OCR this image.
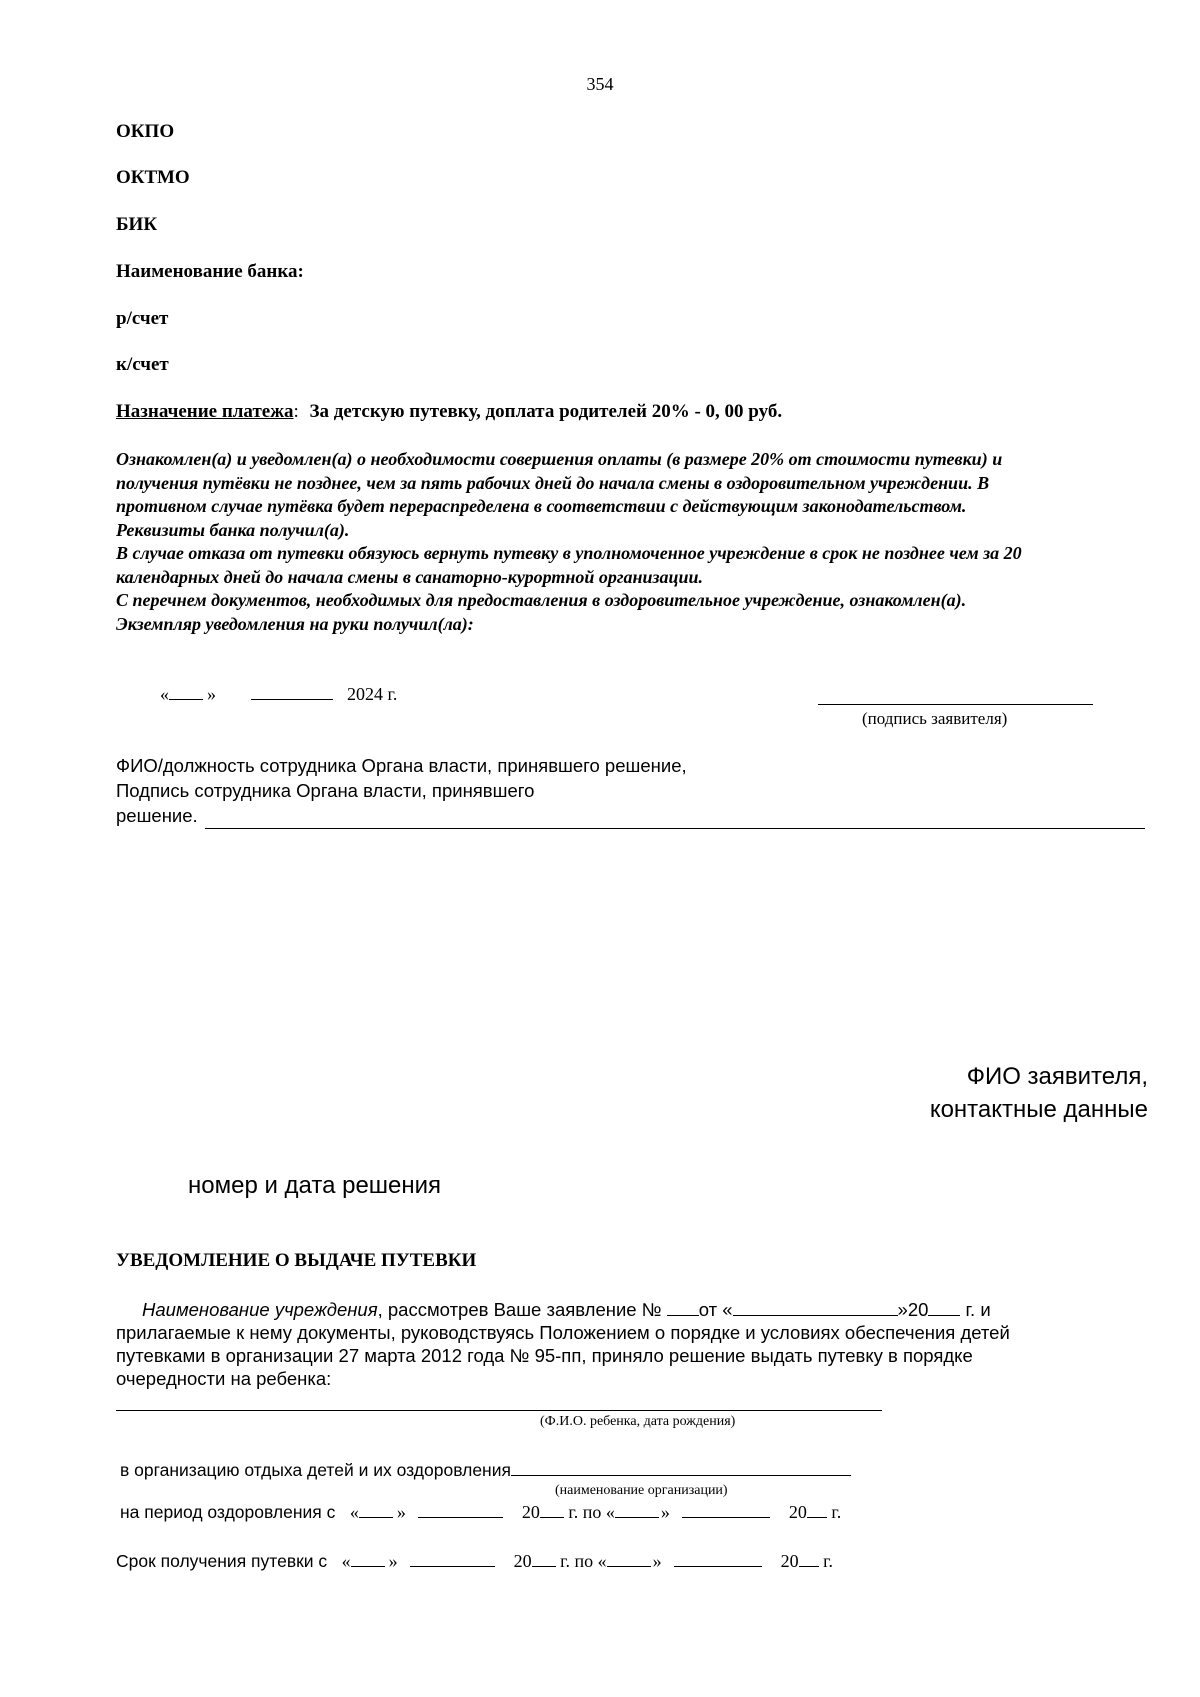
354
ОКПО
ОКТМО
БИК
Наименование банка:
р/счет
к/счет
Назначение платежа: За детскую путевку, доплата родителей 20% - 0, 00 руб.
Ознакомлен(а) и уведомлен(а) о необходимости совершения оплаты (в размере 20% от стоимости путевки) и
получения путёвки не позднее, чем за пять рабочих дней до начала смены в оздоровительном учреждении. В
противном случае путёвка будет перераспределена в соответствии с действующим законодательством.
Реквизиты банка получил(а).
В случае отказа от путевки обязуюсь вернуть путевку в уполномоченное учреждение в срок не позднее чем за 20
календарных дней до начала смены в санаторно-курортной организации.
С перечнем документов, необходимых для предоставления в оздоровительное учреждение, ознакомлен(а).
Экземпляр уведомления на руки получил(ла):
« »	2024 г.
(подпись заявителя)
ФИО/должность сотрудника Органа власти, принявшего решение,
Подпись сотрудника Органа власти, принявшего
решение.
ФИО заявителя,
контактные данные
номер и дата решения
УВЕДОМЛЕНИЕ О ВЫДАЧЕ ПУТЕВКИ
Наименование учреждения, рассмотрев Ваше заявление № от «	»20 г. и
прилагаемые к нему документы, руководствуясь Положением о порядке и условиях обеспечения детей
путевками в организации 27 марта 2012 года № 95-пп, приняло решение выдать путевку в порядке
очередности на ребенка:
(Ф.И.О. ребенка, дата рождения)
в организацию отдыха детей и их оздоровления
(наименование организации)
на период оздоровления с « »	20 г. по «	»	20 г.
Срок получения путевки с « »	20 г. по «	»	20 г.
